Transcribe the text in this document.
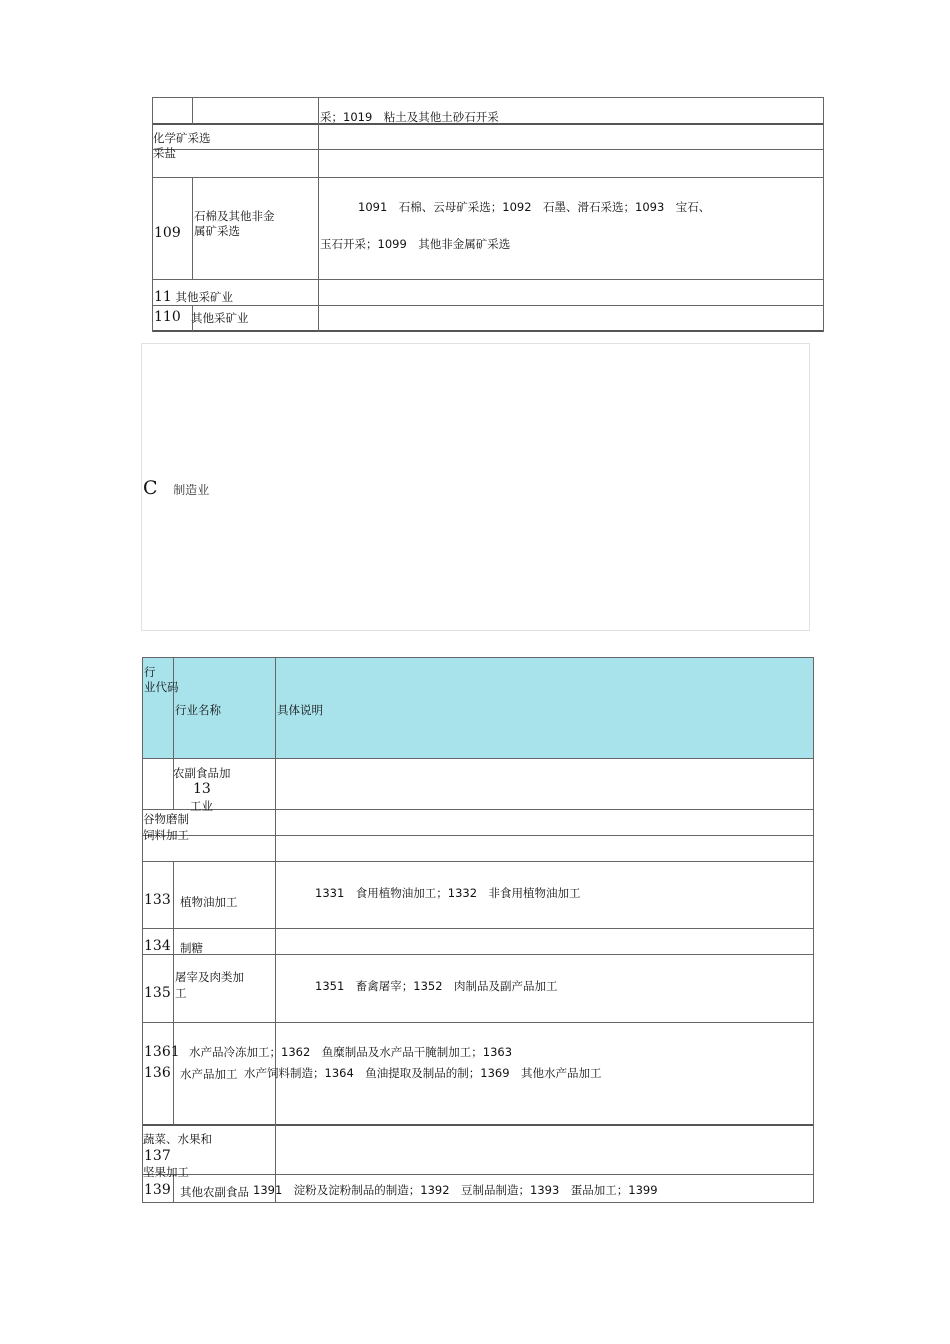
采；1019　粘土及其他土砂石开采
化学矿采选
采盐
109
石棉及其他非金
属矿采选
1091　石棉、云母矿采选；1092　石墨、滑石采选；1093　宝石、
玉石开采；1099　其他非金属矿采选
11 其他采矿业
110 其他采矿业
C 制造业
行
业代码
行业名称	具体说明
农副食品加
13
工业
谷物磨制
饲料加工
133 植物油加工
1331　食用植物油加工；1332　非食用植物油加工
134 制糖
屠宰及肉类加
工
135	1351　畜禽屠宰；1352　肉制品及副产品加工
1361 水产品冷冻加工；1362　鱼糜制品及水产品干腌制加工；1363
136 水产品加工 水产饲料制造；1364　鱼油提取及制品的制；1369　其他水产品加工
蔬菜、水果和
137
坚果加工
139 其他农副食品 1391　淀粉及淀粉制品的制造；1392　豆制品制造；1393　蛋品加工；1399
